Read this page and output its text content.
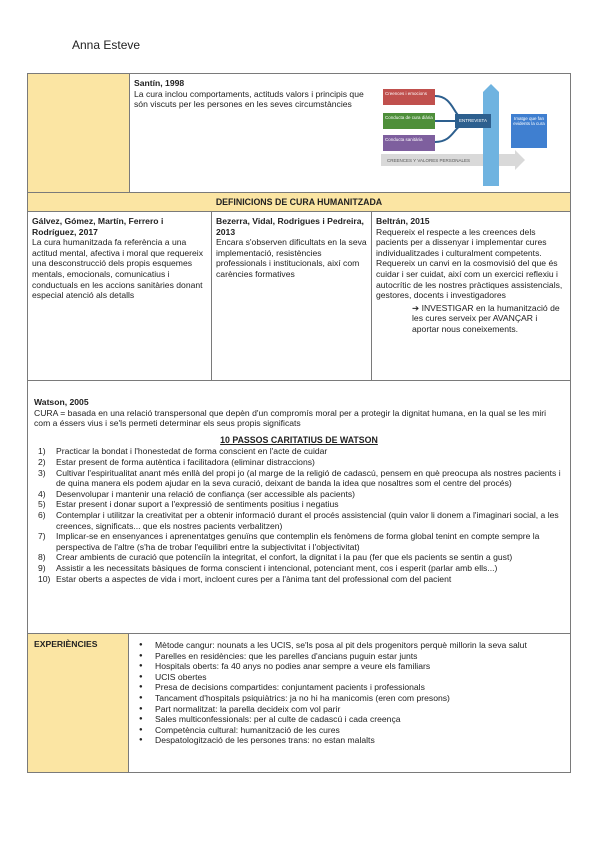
Anna Esteve
Santín, 1998
La cura inclou comportaments, actituds valors i principis que són viscuts per les persones en les seves circumstàncies
Creences i emocions
Conducta de cura diària
Conducta sanitària
ENTREVISTA
CREENCES Y VALORES PERSONALES
Imatge que fan evidents la cura
DEFINICIONS DE CURA HUMANITZADA
Gálvez, Gómez, Martín, Ferrero i Rodríguez, 2017
La cura humanitzada fa referència a una actitud mental, afectiva i moral que requereix una desconstrucció dels propis esquemes mentals, emocionals, comunicatius i conductuals en les accions sanitàries donant especial atenció als detalls
Bezerra, Vidal, Rodrigues i Pedreira, 2013
Encara s'observen dificultats en la seva implementació, resistències professionals i institucionals, així com carències formatives
Beltrán, 2015
Requereix el respecte a les creences dels pacients per a dissenyar i implementar cures individualitzades i culturalment competents. Requereix un canvi en la cosmovisió del que és cuidar i ser cuidat, així com un exercici reflexiu i autocrític de les nostres pràctiques assistencials, gestores, docents i investigadores
➔ INVESTIGAR en la humanització de les cures serveix per AVANÇAR i aportar nous coneixements.
Watson, 2005
CURA = basada en una relació transpersonal que depèn d'un compromís moral per a protegir la dignitat humana, en la qual se les miri com a éssers vius i se'ls permeti determinar els seus propis significats
10 PASSOS CARITATIUS DE WATSON
1) Practicar la bondat i l'honestedat de forma conscient en l'acte de cuidar
2) Estar present de forma autèntica i facilitadora (eliminar distraccions)
3) Cultivar l'espiritualitat anant més enllà del propi jo (al marge de la religió de cadascú, pensem en què preocupa als nostres pacients i de quina manera els podem ajudar en la seva curació, deixant de banda la idea que nosaltres som el centre del procés)
4) Desenvolupar i mantenir una relació de confiança (ser accessible als pacients)
5) Estar present i donar suport a l'expressió de sentiments positius i negatius
6) Contemplar i utilitzar la creativitat per a obtenir informació durant el procés assistencial (quin valor li donem a l'imaginari social, a les creences, significats... que els nostres pacients verbalitzen)
7) Implicar-se en ensenyances i aprenentatges genuïns que contemplin els fenòmens de forma global tenint en compte sempre la perspectiva de l'altre (s'ha de trobar l'equilibri entre la subjectivitat i l'objectivitat)
8) Crear ambients de curació que potenciïn la integritat, el confort, la dignitat i la pau (fer que els pacients se sentin a gust)
9) Assistir a les necessitats bàsiques de forma conscient i intencional, potenciant ment, cos i esperit (parlar amb ells...)
10) Estar oberts a aspectes de vida i mort, incloent cures per a l'ànima tant del professional com del pacient
EXPERIÈNCIES
●	Mètode cangur: nounats a les UCIS, se'ls posa al pit dels progenitors perquè millorin la seva salut
● Parelles en residències: que les parelles d'ancians puguin estar junts
● Hospitals oberts: fa 40 anys no podies anar sempre a veure els familiars
● UCIS obertes
● Presa de decisions compartides: conjuntament pacients i professionals
● Tancament d'hospitals psiquiàtrics: ja no hi ha manicomis (eren com presons)
● Part normalitzat: la parella decideix com vol parir
● Sales multiconfessionals: per al culte de cadascú i cada creença
● Competència cultural: humanització de les cures
● Despatologització de les persones trans: no estan malalts
